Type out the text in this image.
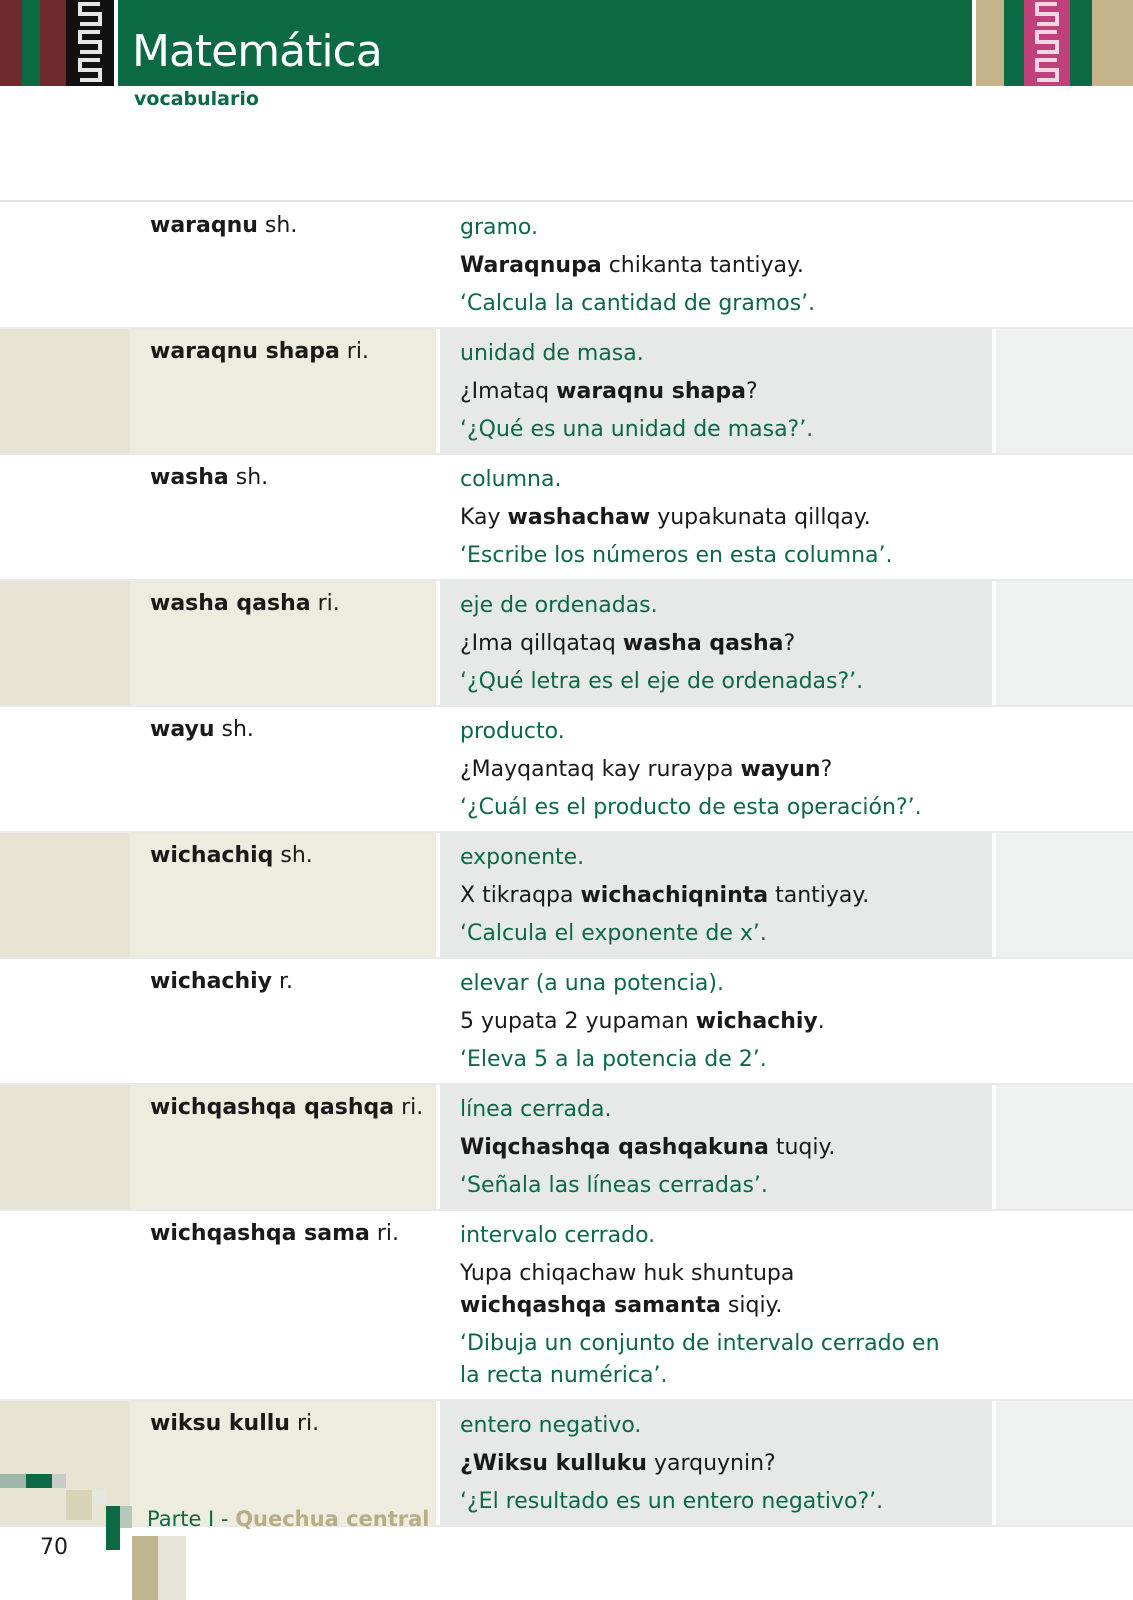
Matemática
vocabulario
waraqnu sh.	gramo.
Waraqnupa chikanta tantiyay.
‘Calcula la cantidad de gramos’.
waraqnu shapa ri.	unidad de masa.
¿Imataq waraqnu shapa?
‘¿Qué es una unidad de masa?’.
washa sh.	columna.
Kay washachaw yupakunata qillqay.
‘Escribe los números en esta columna’.
washa qasha ri.	eje de ordenadas.
¿Ima qillqataq washa qasha?
‘¿Qué letra es el eje de ordenadas?’.
wayu sh.	producto.
¿Mayqantaq kay ruraypa wayun?
‘¿Cuál es el producto de esta operación?’.
wichachiq sh.	exponente.
X tikraqpa wichachiqninta tantiyay.
‘Calcula el exponente de x’.
wichachiy r.	elevar (a una potencia).
5 yupata 2 yupaman wichachiy.
‘Eleva 5 a la potencia de 2’.
wichqashqa qashqa ri.	línea cerrada.
Wiqchashqa qashqakuna tuqiy.
‘Señala las líneas cerradas’.
wichqashqa sama ri.	intervalo cerrado.
Yupa chiqachaw huk shuntupa wichqashqa samanta siqiy.
‘Dibuja un conjunto de intervalo cerrado en la recta numérica’.
wiksu kullu ri.	entero negativo.
¿Wiksu kulluku yarquynin?
‘¿El resultado es un entero negativo?’.
Parte I - Quechua central
70
